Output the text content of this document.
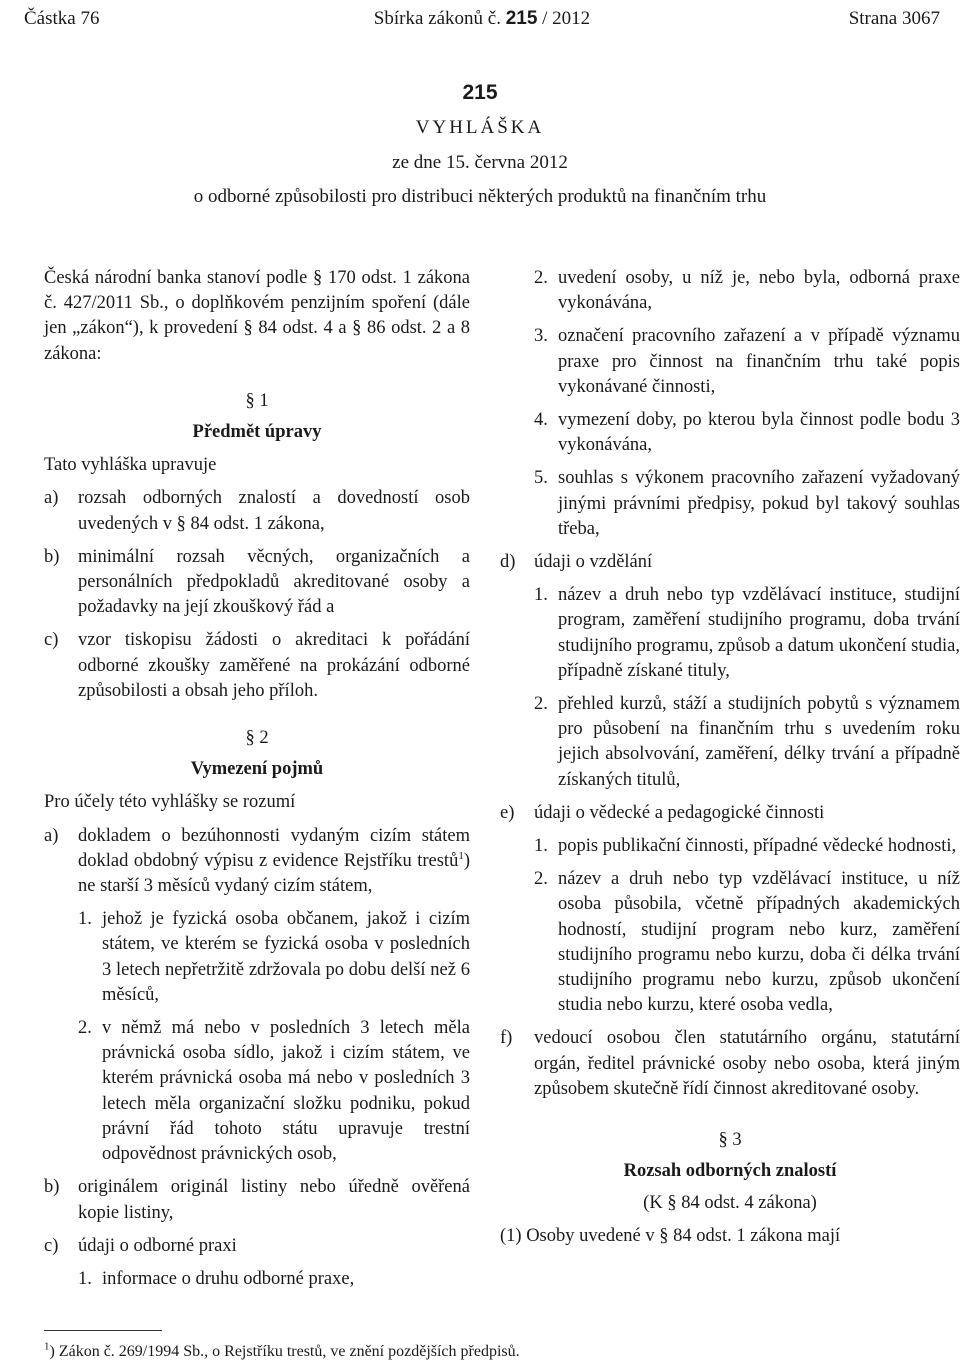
Částka 76	Sbírka zákonů č. 215 / 2012	Strana 3067
215
VYHLÁŠKA
ze dne 15. června 2012
o odborné způsobilosti pro distribuci některých produktů na finančním trhu

Česká národní banka stanoví podle § 170 odst. 1 zákona č. 427/2011 Sb., o doplňkovém penzijním spoření (dále jen „zákon“), k provedení § 84 odst. 4 a § 86 odst. 2 a 8 zákona:

§ 1

Předmět úpravy

Tato vyhláška upravuje

a) rozsah odborných znalostí a dovedností osob uvedených v § 84 odst. 1 zákona,

b) minimální rozsah věcných, organizačních a personálních předpokladů akreditované osoby a požadavky na její zkouškový řád a

c) vzor tiskopisu žádosti o akreditaci k pořádání odborné zkoušky zaměřené na prokázání odborné způsobilosti a obsah jeho příloh.

§ 2

Vymezení pojmů

Pro účely této vyhlášky se rozumí

a) dokladem o bezúhonnosti vydaným cizím státem doklad obdobný výpisu z evidence Rejstříku trestů$^1$) ne starší 3 měsíců vydaný cizím státem,

1. jehož je fyzická osoba občanem, jakož i cizím státem, ve kterém se fyzická osoba v posledních 3 letech nepřetržitě zdržovala po dobu delší než 6 měsíců,

2. v němž má nebo v posledních 3 letech měla právnická osoba sídlo, jakož i cizím státem, ve kterém právnická osoba má nebo v posledních 3 letech měla organizační složku podniku, pokud právní řád tohoto státu upravuje trestní odpovědnost právnických osob,

b) originálem originál listiny nebo úředně ověřená kopie listiny,

c) údaji o odborné praxi

1. informace o druhu odborné praxe,

2. uvedení osoby, u níž je, nebo byla, odborná praxe vykonávána,

3. označení pracovního zařazení a v případě významu praxe pro činnost na finančním trhu také popis vykonávané činnosti,

4. vymezení doby, po kterou byla činnost podle bodu 3 vykonávána,

5. souhlas s výkonem pracovního zařazení vyžadovaný jinými právními předpisy, pokud byl takový souhlas třeba,

d) údaji o vzdělání

1. název a druh nebo typ vzdělávací instituce, studijní program, zaměření studijního programu, doba trvání studijního programu, způsob a datum ukončení studia, případně získané tituly,

2. přehled kurzů, stáží a studijních pobytů s významem pro působení na finančním trhu s uvedením roku jejich absolvování, zaměření, délky trvání a případně získaných titulů,

e) údaji o vědecké a pedagogické činnosti

1. popis publikační činnosti, případné vědecké hodnosti,

2. název a druh nebo typ vzdělávací instituce, u níž osoba působila, včetně případných akademických hodností, studijní program nebo kurz, zaměření studijního programu nebo kurzu, doba či délka trvání studijního programu nebo kurzu, způsob ukončení studia nebo kurzu, které osoba vedla,

f) vedoucí osobou člen statutárního orgánu, statutární orgán, ředitel právnické osoby nebo osoba, která jiným způsobem skutečně řídí činnost akreditované osoby.

§ 3

Rozsah odborných znalostí

(K § 84 odst. 4 zákona)

(1) Osoby uvedené v § 84 odst. 1 zákona mají

$^1$) Zákon č. 269/1994 Sb., o Rejstříku trestů, ve znění pozdějších předpisů.
